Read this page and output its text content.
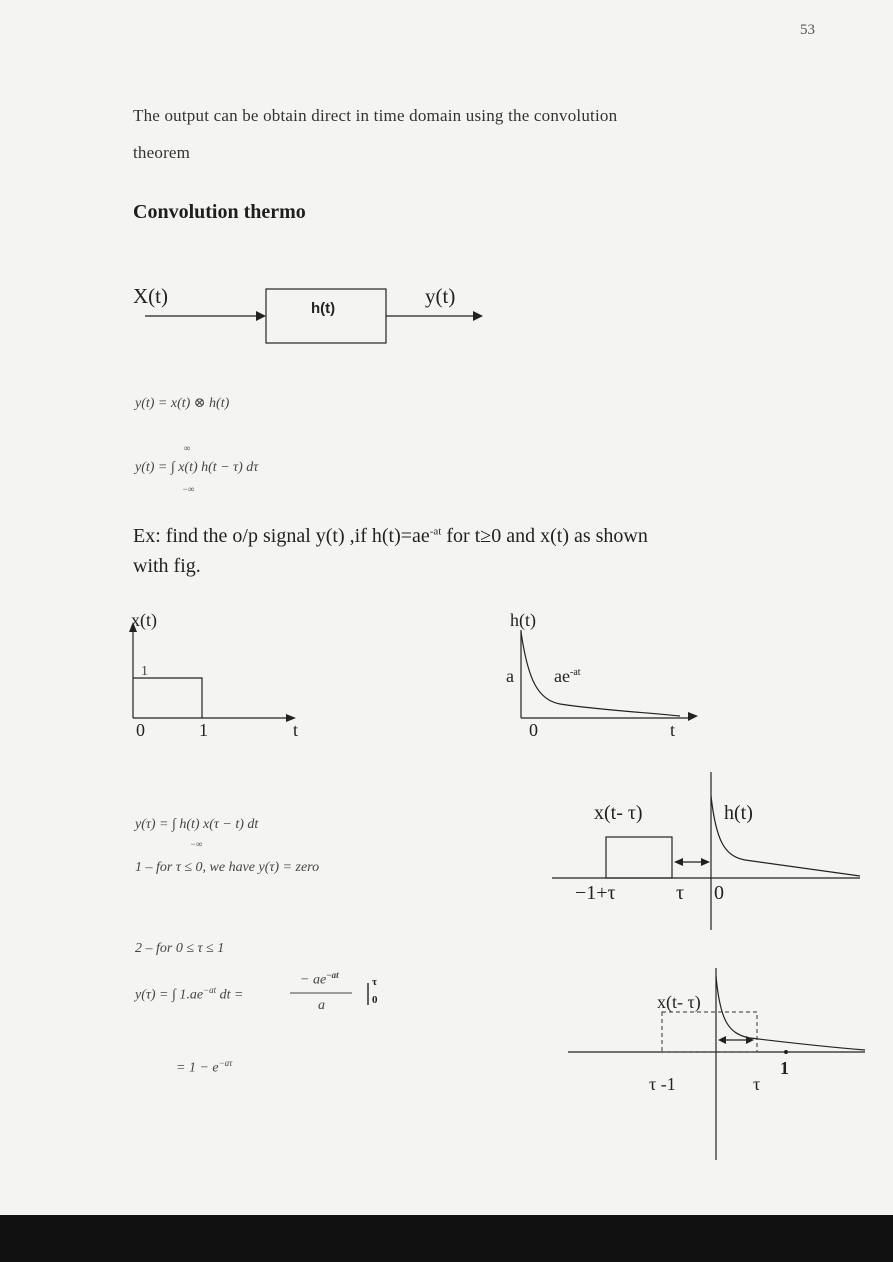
53
The output can be obtain direct in time domain using the convolution
theorem
Convolution thermo
X(t)	y(t)
h(t)
y(t) = x(t) ⊗ h(t)
y(t) = ∫ x(t) h(t − τ) dτ
∞
−∞
Ex: find the o/p signal y(t) ,if $h(t)=ae^{-at}$ for t≥0 and x(t) as shown
with fig.
x(t)
1
0	1	t
h(t)
a $ae^{-at}$
0	t
y(τ) = ∫ h(t) x(τ − t) dt
−∞
1 – for τ ≤ 0, we have y(τ) = zero
2 – for 0 ≤ τ ≤ 1
y(τ) = ∫ $1.ae^{-at}$ dt =
− $ae^{-at}$
a
τ
0
= $1 - e^{-a\tau}$
x(t- τ)	h(t)
−1+τ	τ 0
x(t- τ)
τ -1	τ
1
